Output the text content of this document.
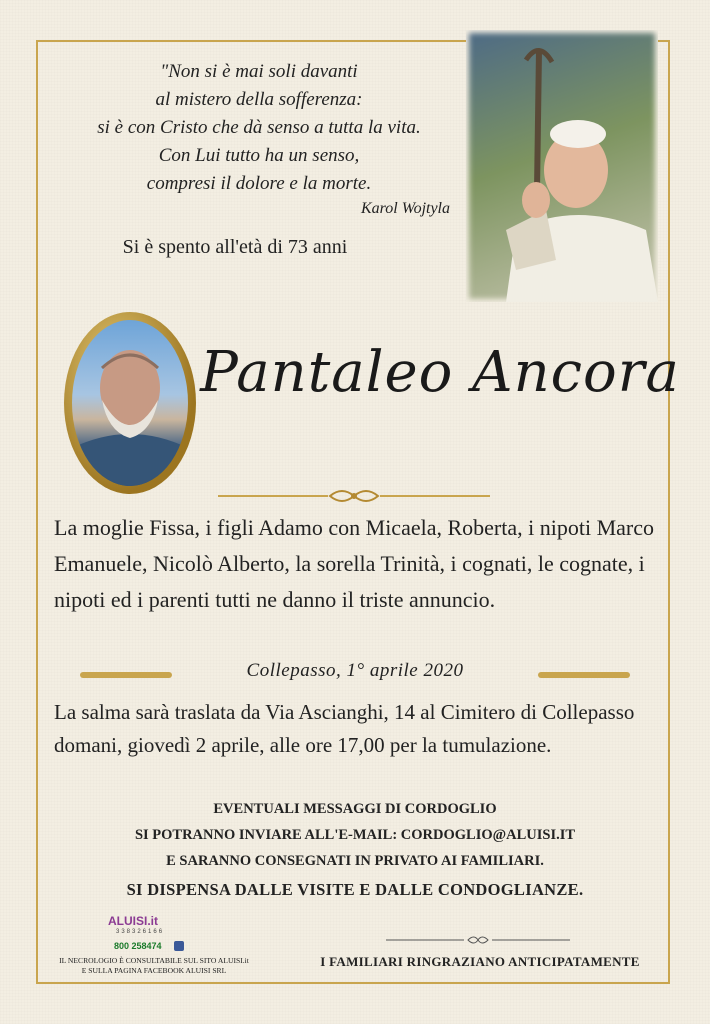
"Non si è mai soli davanti
al mistero della sofferenza:
si è con Cristo che dà senso a tutta la vita.
Con Lui tutto ha un senso,
compresi il dolore e la morte.
Karol Wojtyla
Si è spento all'età di 73 anni
Pantaleo Ancora
La moglie Fissa, i figli Adamo con Micaela, Roberta, i nipoti Marco Emanuele, Nicolò Alberto, la sorella Trinità, i cognati, le cognate, i nipoti ed i parenti tutti ne danno il triste annuncio.
Collepasso, 1° aprile 2020
La salma sarà traslata da Via Ascianghi, 14 al Cimitero di Collepasso domani, giovedì 2 aprile, alle ore 17,00 per la tumulazione.
EVENTUALI MESSAGGI DI CORDOGLIO
SI POTRANNO INVIARE ALL'E-MAIL: CORDOGLIO@ALUISI.IT
E SARANNO CONSEGNATI IN PRIVATO AI FAMILIARI.
SI DISPENSA DALLE VISITE E DALLE CONDOGLIANZE.
ALUISI.it
338326166
800 258474
IL NECROLOGIO È CONSULTABILE SUL SITO ALUISI.it
E SULLA PAGINA FACEBOOK ALUISI SRL
I FAMILIARI RINGRAZIANO ANTICIPATAMENTE
